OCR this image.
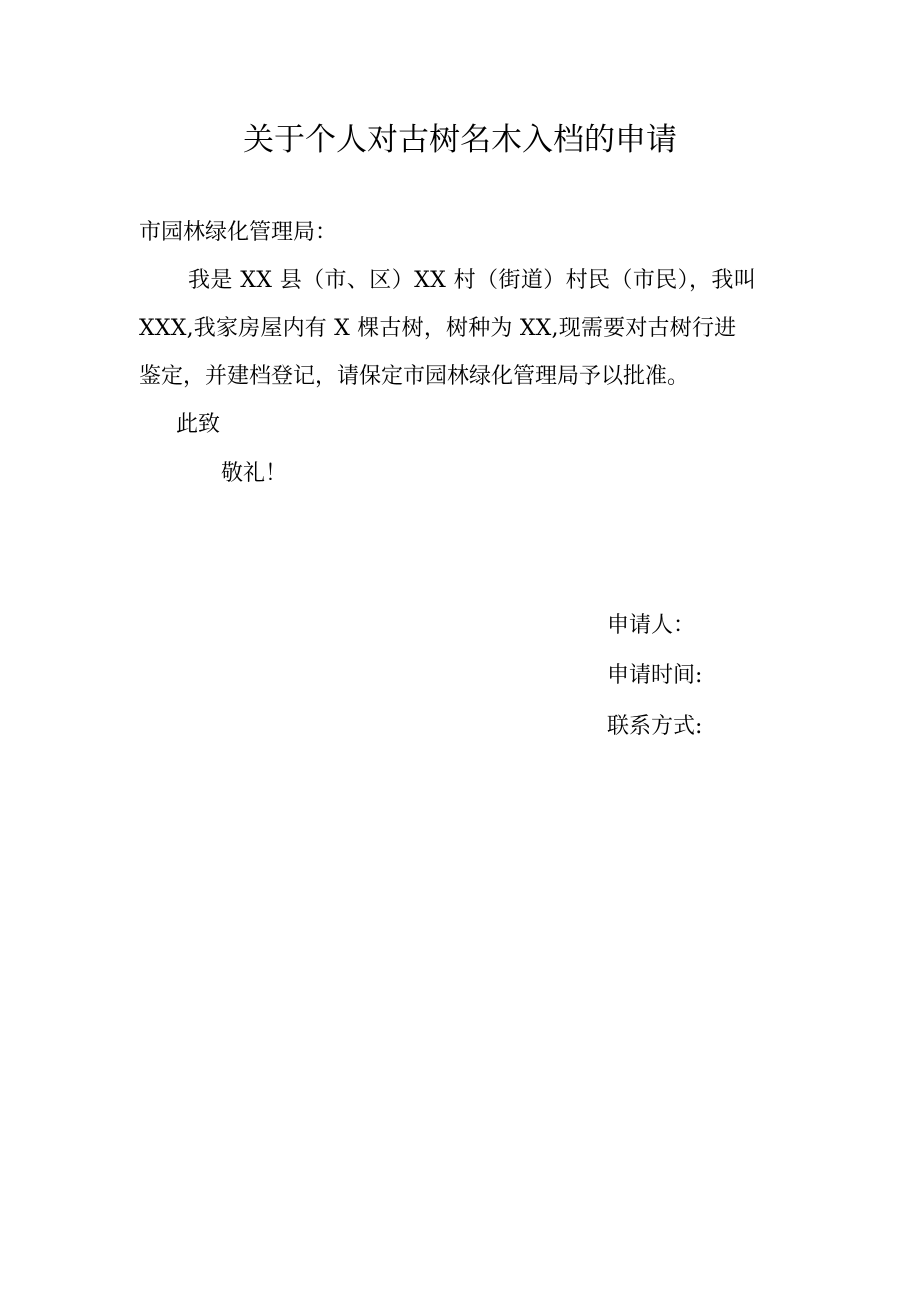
关于个人对古树名木入档的申请

市园林绿化管理局：

我是 XX 县（市、区）XX 村（街道）村民（市民），我叫

XXX,我家房屋内有 X 棵古树，树种为 XX,现需要对古树行进

鉴定，并建档登记，请保定市园林绿化管理局予以批准。

此致

敬礼！

申请人：

申请时间:

联系方式:
